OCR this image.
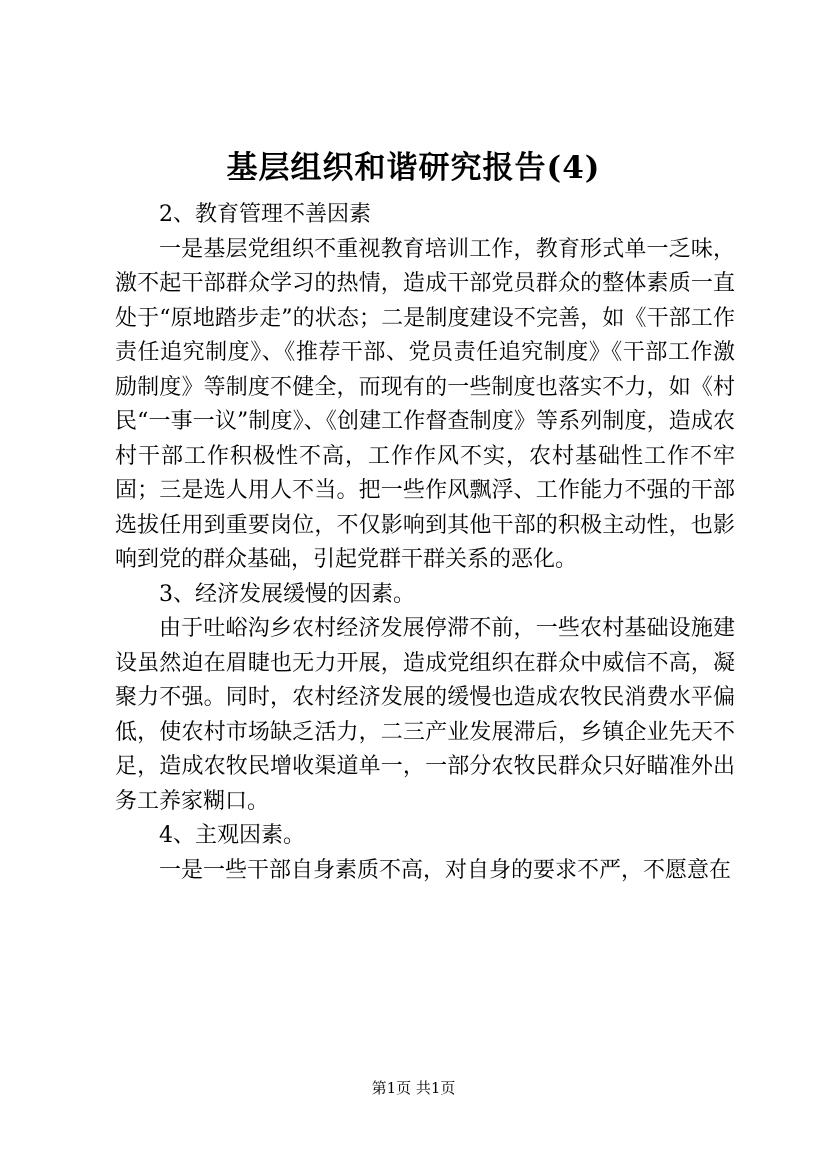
基层组织和谐研究报告(4)

2、教育管理不善因素

一是基层党组织不重视教育培训工作，教育形式单一乏味，激不起干部群众学习的热情，造成干部党员群众的整体素质一直处于“原地踏步走”的状态；二是制度建设不完善，如《干部工作责任追究制度》、《推荐干部、党员责任追究制度》《干部工作激励制度》等制度不健全，而现有的一些制度也落实不力，如《村民“一事一议”制度》、《创建工作督查制度》等系列制度，造成农村干部工作积极性不高，工作作风不实，农村基础性工作不牢固；三是选人用人不当。把一些作风飘浮、工作能力不强的干部选拔任用到重要岗位，不仅影响到其他干部的积极主动性，也影响到党的群众基础，引起党群干群关系的恶化。

3、经济发展缓慢的因素。

由于吐峪沟乡农村经济发展停滞不前，一些农村基础设施建设虽然迫在眉睫也无力开展，造成党组织在群众中威信不高，凝聚力不强。同时，农村经济发展的缓慢也造成农牧民消费水平偏低，使农村市场缺乏活力，二三产业发展滞后，乡镇企业先天不足，造成农牧民增收渠道单一，一部分农牧民群众只好瞄准外出务工养家糊口。

4、主观因素。

一是一些干部自身素质不高，对自身的要求不严，不愿意在

第1页 共1页
